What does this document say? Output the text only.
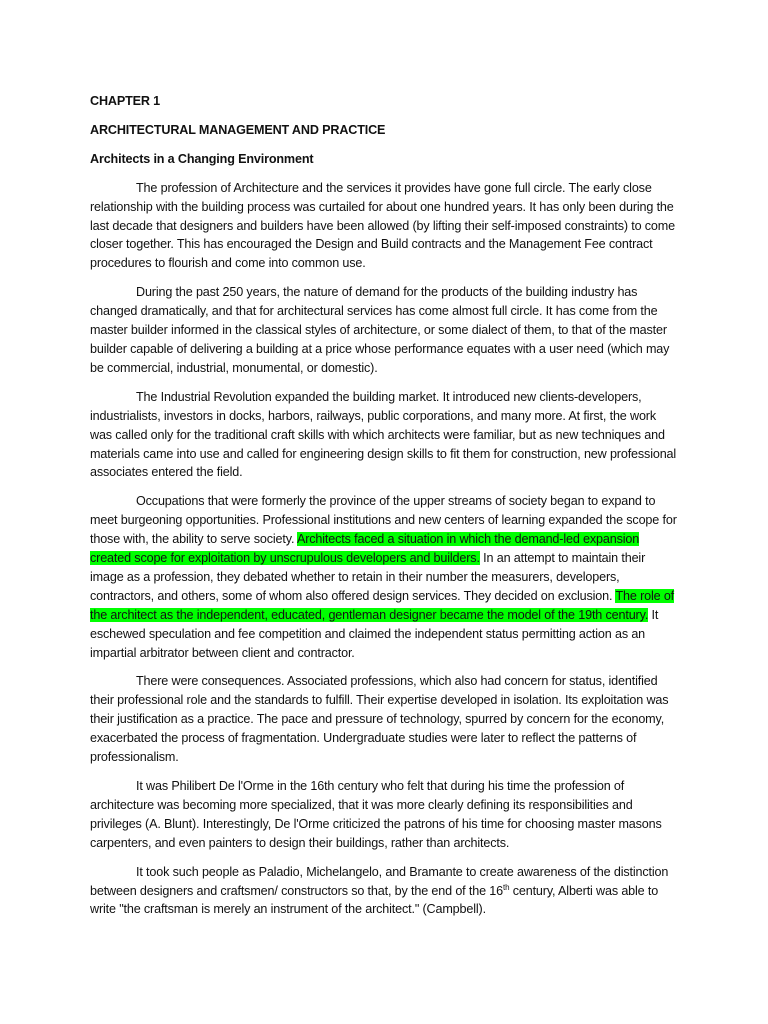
CHAPTER 1
ARCHITECTURAL MANAGEMENT AND PRACTICE
Architects in a Changing Environment

The profession of Architecture and the services it provides have gone full circle. The early close relationship with the building process was curtailed for about one hundred years. It has only been during the last decade that designers and builders have been allowed (by lifting their self-imposed constraints) to come closer together. This has encouraged the Design and Build contracts and the Management Fee contract procedures to flourish and come into common use.

During the past 250 years, the nature of demand for the products of the building industry has changed dramatically, and that for architectural services has come almost full circle. It has come from the master builder informed in the classical styles of architecture, or some dialect of them, to that of the master builder capable of delivering a building at a price whose performance equates with a user need (which may be commercial, industrial, monumental, or domestic).

The Industrial Revolution expanded the building market. It introduced new clients-developers, industrialists, investors in docks, harbors, railways, public corporations, and many more. At first, the work was called only for the traditional craft skills with which architects were familiar, but as new techniques and materials came into use and called for engineering design skills to fit them for construction, new professional associates entered the field.

Occupations that were formerly the province of the upper streams of society began to expand to meet burgeoning opportunities. Professional institutions and new centers of learning expanded the scope for those with, the ability to serve society. Architects faced a situation in which the demand-led expansion created scope for exploitation by unscrupulous developers and builders. In an attempt to maintain their image as a profession, they debated whether to retain in their number the measurers, developers, contractors, and others, some of whom also offered design services. They decided on exclusion. The role of the architect as the independent, educated, gentleman designer became the model of the 19th century. It eschewed speculation and fee competition and claimed the independent status permitting action as an impartial arbitrator between client and contractor.

There were consequences. Associated professions, which also had concern for status, identified their professional role and the standards to fulfill. Their expertise developed in isolation. Its exploitation was their justification as a practice. The pace and pressure of technology, spurred by concern for the economy, exacerbated the process of fragmentation. Undergraduate studies were later to reflect the patterns of professionalism.

It was Philibert De l'Orme in the 16th century who felt that during his time the profession of architecture was becoming more specialized, that it was more clearly defining its responsibilities and privileges (A. Blunt). Interestingly, De l'Orme criticized the patrons of his time for choosing master masons carpenters, and even painters to design their buildings, rather than architects.

It took such people as Paladio, Michelangelo, and Bramante to create awareness of the distinction between designers and craftsmen/ constructors so that, by the end of the 16th century, Alberti was able to write "the craftsman is merely an instrument of the architect." (Campbell).
